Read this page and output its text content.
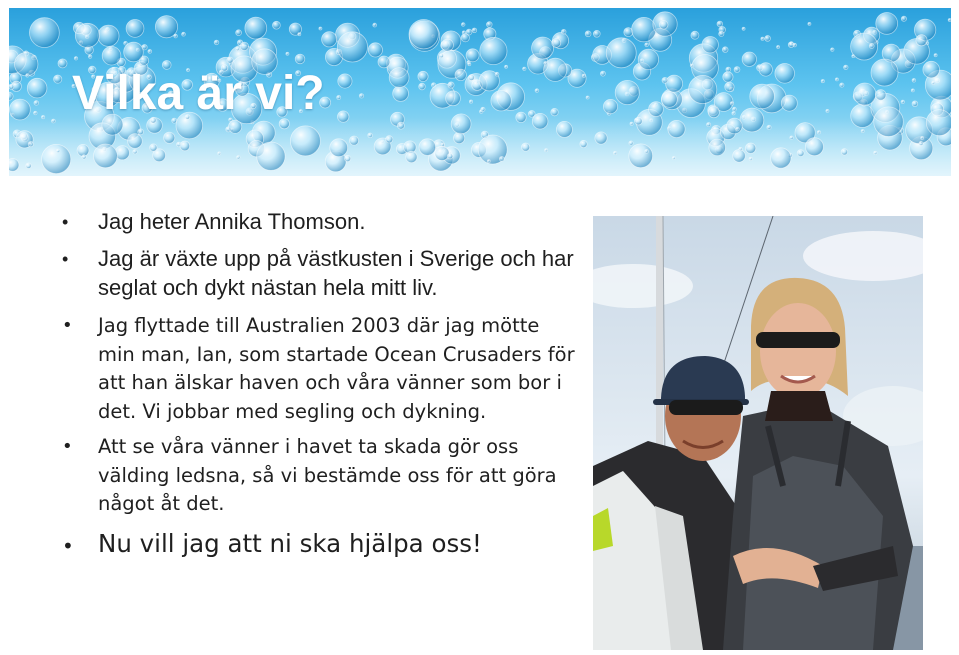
Vilka är vi?
• Jag heter Annika Thomson.
• Jag är växte upp på västkusten i Sverige och har seglat och dykt nästan hela mitt liv.
• Jag flyttade till Australien 2003 där jag mötte min man, Ian, som startade Ocean Crusaders för att han älskar haven och våra vänner som bor i det. Vi jobbar med segling och dykning.
• Att se våra vänner i havet ta skada gör oss välding ledsna, så vi bestämde oss för att göra något åt det.
• Nu vill jag att ni ska hjälpa oss!
